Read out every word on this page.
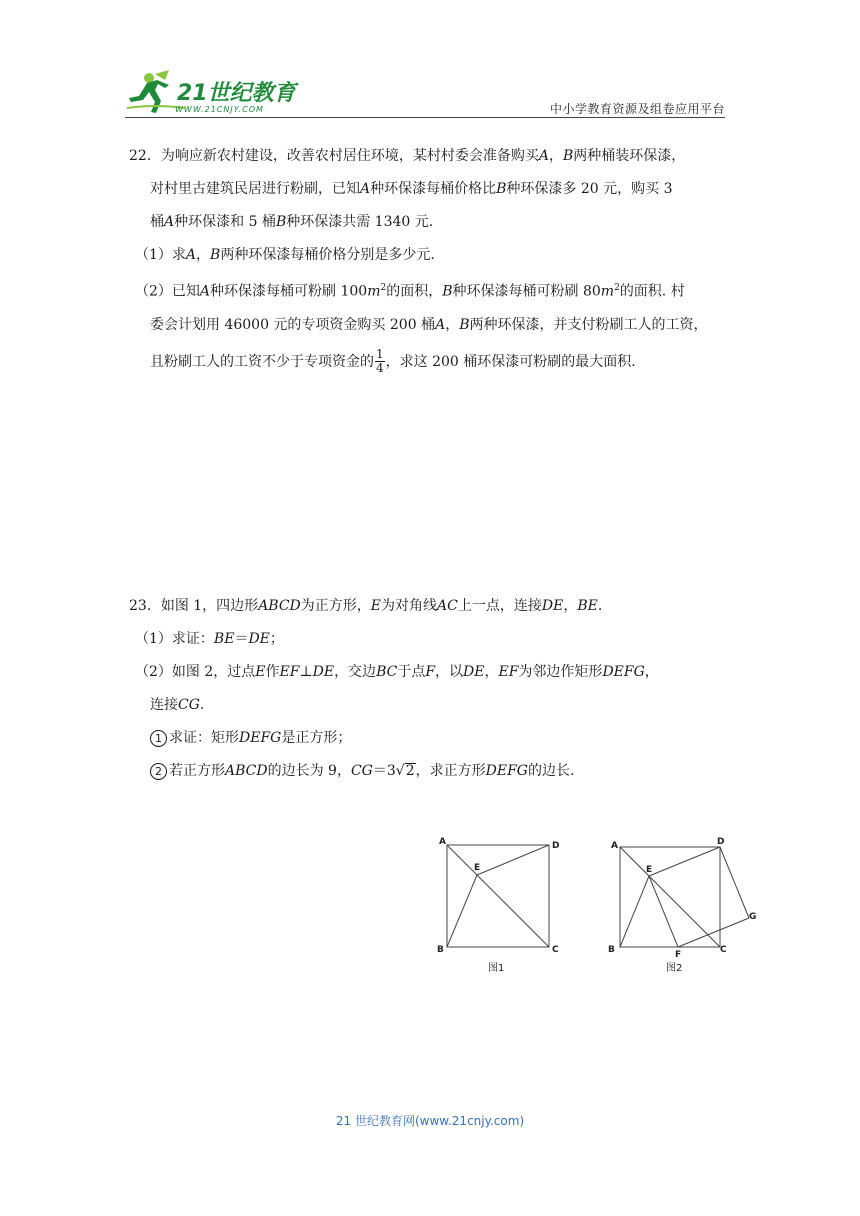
21世纪教育
WWW.21CNJY.COM	中小学教育资源及组卷应用平台

22．为响应新农村建设，改善农村居住环境，某村村委会准备购买A，B两种桶装环保漆，

对村里古建筑民居进行粉刷，已知A种环保漆每桶价格比B种环保漆多 20 元，购买 3

桶A种环保漆和 5 桶B种环保漆共需 1340 元.

（1）求A，B两种环保漆每桶价格分别是多少元.

（2）已知A种环保漆每桶可粉刷 $100m^2$的面积，B种环保漆每桶可粉刷 $80m^2$的面积. 村

委会计划用 46000 元的专项资金购买 200 桶A，B两种环保漆，并支付粉刷工人的工资，

且粉刷工人的工资不少于专项资金的 $\frac{1}{4}$ ，求这 200 桶环保漆可粉刷的最大面积.

23．如图 1，四边形ABCD为正方形，E为对角线AC上一点，连接DE，BE.

（1）求证：BE＝DE；

（2）如图 2，过点E作EF⊥DE，交边BC于点F，以DE，EF为邻边作矩形DEFG，

连接CG.

1 求证：矩形DEFG是正方形；

2 若正方形ABCD的边长为 9，CG＝3√2，求正方形DEFG的边长.

A	D
E
B	C
图1
A	D
E
G
B	F	C
图2
21 世纪教育网(www.21cnjy.com)
